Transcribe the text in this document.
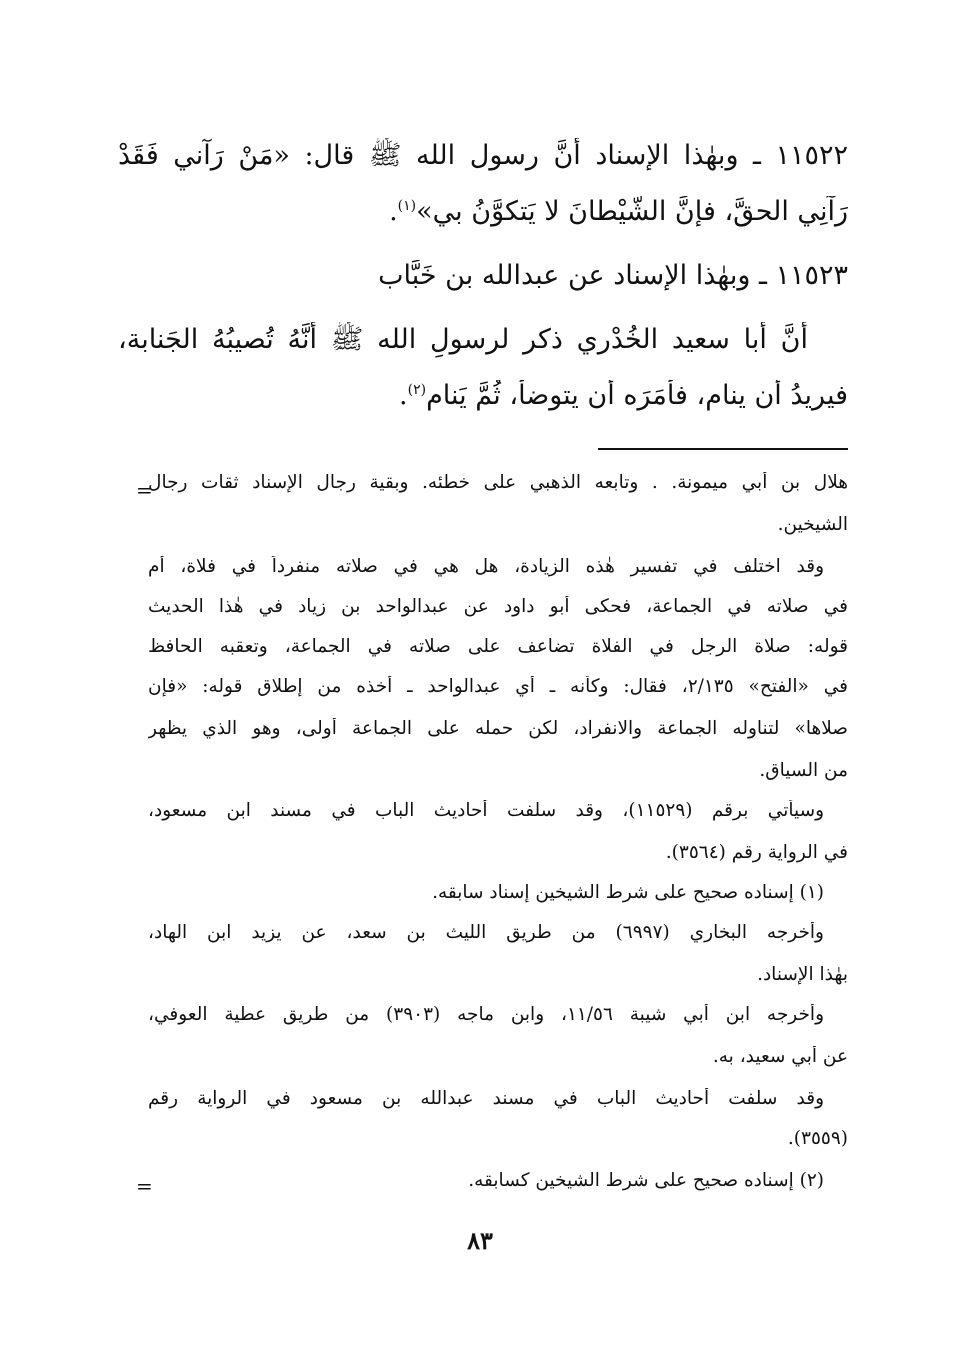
١١٥٢٢ ـ وبهٰذا الإسناد أنَّ رسول الله ﷺ قال: «مَنْ رَآني فَقَدْ
رَآنِي الحقَّ، فإنَّ الشَّيْطانَ لا يَتكوَّنُ بي»$^{(١)}$.
١١٥٢٣ ـ وبهٰذا الإسناد عن عبدالله بن خَبَّاب
أنَّ أبا سعيد الخُدْري ذكر لرسولِ الله ﷺ أنَّهُ تُصيبُهُ الجَنابة،
فيريدُ أن ينام، فأَمَرَه أن يتوضأ، ثُمَّ يَنام$^{(٢)}$.
=
هلال بن أبي ميمونة. . وتابعه الذهبي على خطئه. وبقية رجال الإسناد ثقات رجال
الشيخين.
وقد اختلف في تفسير هٰذه الزيادة، هل هي في صلاته منفرداً في فلاة، أم
في صلاته في الجماعة، فحكى أبو داود عن عبدالواحد بن زياد في هٰذا الحديث
قوله: صلاة الرجل في الفلاة تضاعف على صلاته في الجماعة، وتعقبه الحافظ
في «الفتح» ٢/١٣٥، فقال: وكأنه ـ أي عبدالواحد ـ أخذه من إطلاق قوله: «فإن
صلاها» لتناوله الجماعة والانفراد، لكن حمله على الجماعة أولى، وهو الذي يظهر
من السياق.
وسيأتي برقم (١١٥٢٩)، وقد سلفت أحاديث الباب في مسند ابن مسعود،
في الرواية رقم (٣٥٦٤).
(١) إسناده صحيح على شرط الشيخين إسناد سابقه.
وأخرجه البخاري (٦٩٩٧) من طريق الليث بن سعد، عن يزيد ابن الهاد،
بهٰذا الإسناد.
وأخرجه ابن أبي شيبة ١١/٥٦، وابن ماجه (٣٩٠٣) من طريق عطية العوفي،
عن أبي سعيد، به.
وقد سلفت أحاديث الباب في مسند عبدالله بن مسعود في الرواية رقم
(٣٥٥٩).
(٢) إسناده صحيح على شرط الشيخين كسابقه.
=
٨٣
